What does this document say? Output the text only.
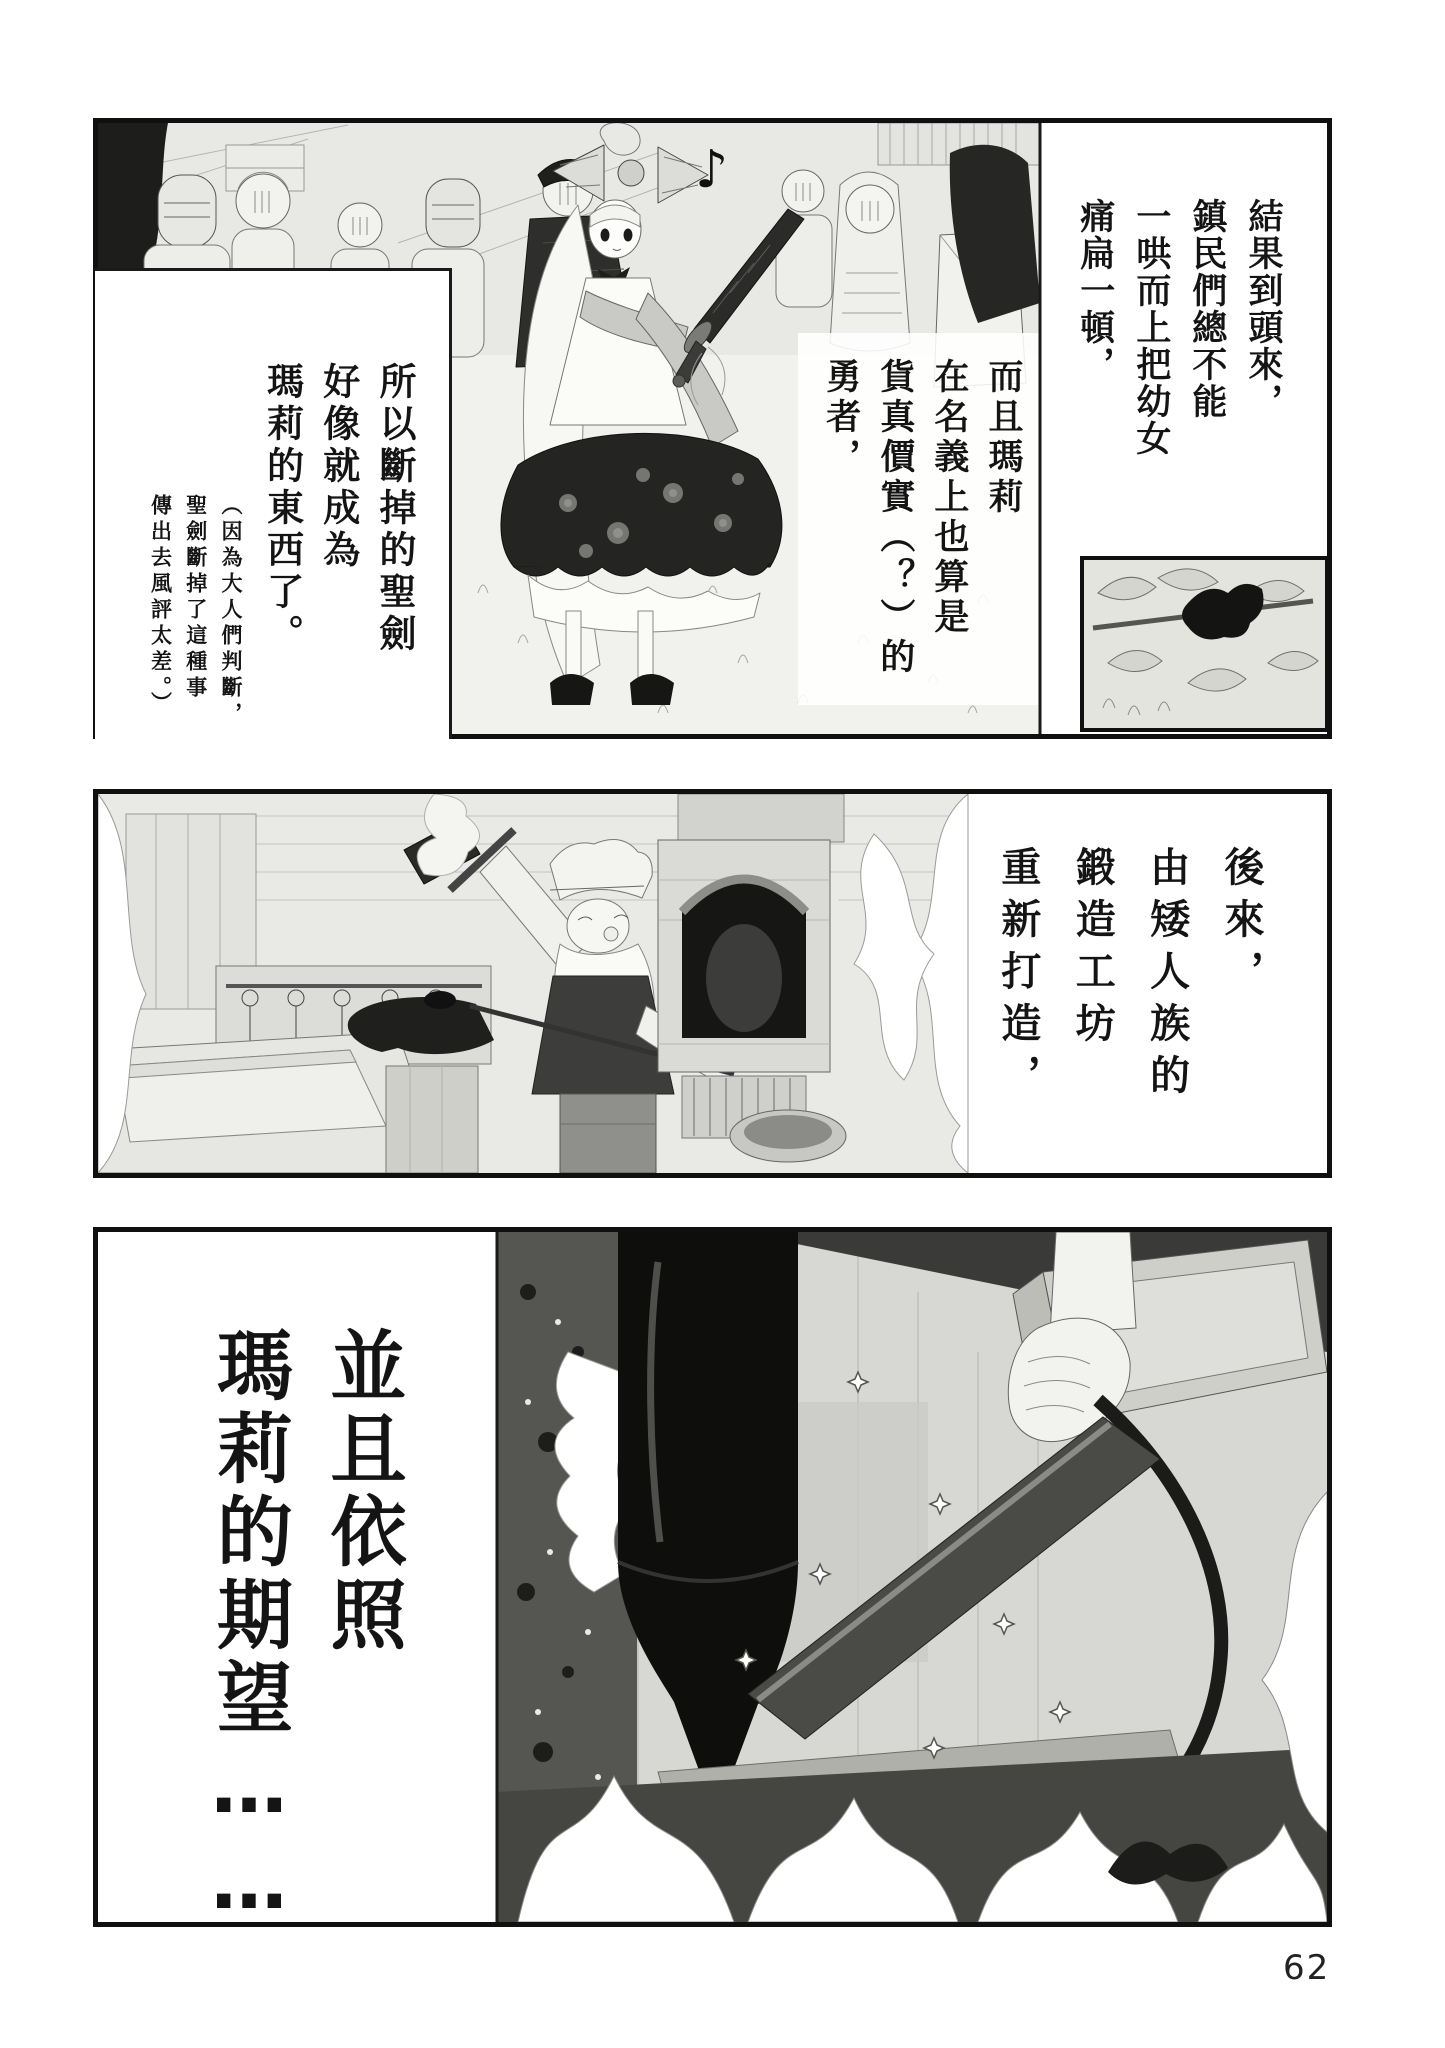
結果到頭來，

鎮民們總不能

一哄而上把幼女

痛扁一頓，

而且瑪莉

在名義上也算是

貨真價實（？）的

勇者，

所以斷掉的聖劍

好像就成為

瑪莉的東西了。

（因為大人們判斷，

聖劍斷掉了這種事

傳出去風評太差。）

♪

後來，

由矮人族的

鍛造工坊

重新打造，

並且依照

瑪莉的期望……

62
